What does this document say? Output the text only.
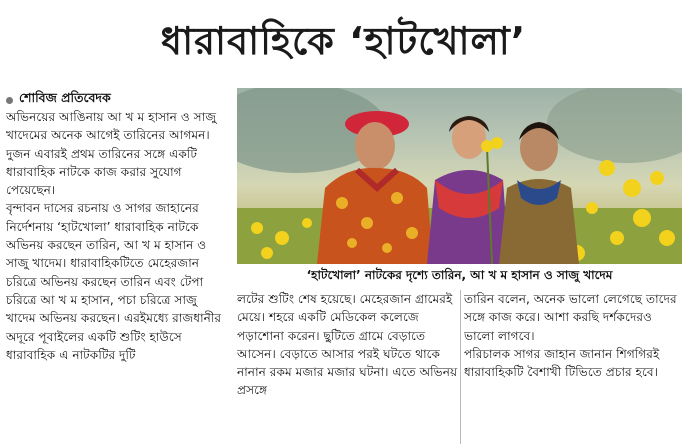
ধারাবাহিকে ‘হাটখোলা’
শোবিজ প্রতিবেদক

অভিনয়ের আঙিনায় আ খ ম হাসান ও সাজু খাদেমের অনেক আগেই তারিনের আগমন। দুজন এবারই প্রথম তারিনের সঙ্গে একটি ধারাবাহিক নাটকে কাজ করার সুযোগ পেয়েছেন।

বৃন্দাবন দাসের রচনায় ও সাগর জাহানের নির্দেশনায় ‘হাটখোলা’ ধারাবাহিক নাটকে অভিনয় করছেন তারিন, আ খ ম হাসান ও সাজু খাদেম। ধারাবাহিকটিতে মেহেরজান চরিত্রে অভিনয় করছেন তারিন এবং টেপা চরিত্রে আ খ ম হাসান, পচা চরিত্রে সাজু খাদেম অভিনয় করছেন। এরইমধ্যে রাজধানীর অদূরে পূবাইলের একটি শুটিং হাউসে ধারাবাহিক এ নাটকটির দুটি

‘হাটখোলা’ নাটকের দৃশ্যে তারিন, আ খ ম হাসান ও সাজু খাদেম

লটের শুটিং শেষ হয়েছে। মেহেরজান গ্রামেরই মেয়ে। শহরে একটি মেডিকেল কলেজে পড়াশোনা করেন। ছুটিতে গ্রামে বেড়াতে আসেন। বেড়াতে আসার পরই ঘটতে থাকে নানান রকম মজার মজার ঘটনা। এতে অভিনয় প্রসঙ্গে

তারিন বলেন, অনেক ভালো লেগেছে তাদের সঙ্গে কাজ করে। আশা করছি দর্শকদেরও ভালো লাগবে।

পরিচালক সাগর জাহান জানান শিগগিরই ধারাবাহিকটি বৈশাখী টিভিতে প্রচার হবে।
